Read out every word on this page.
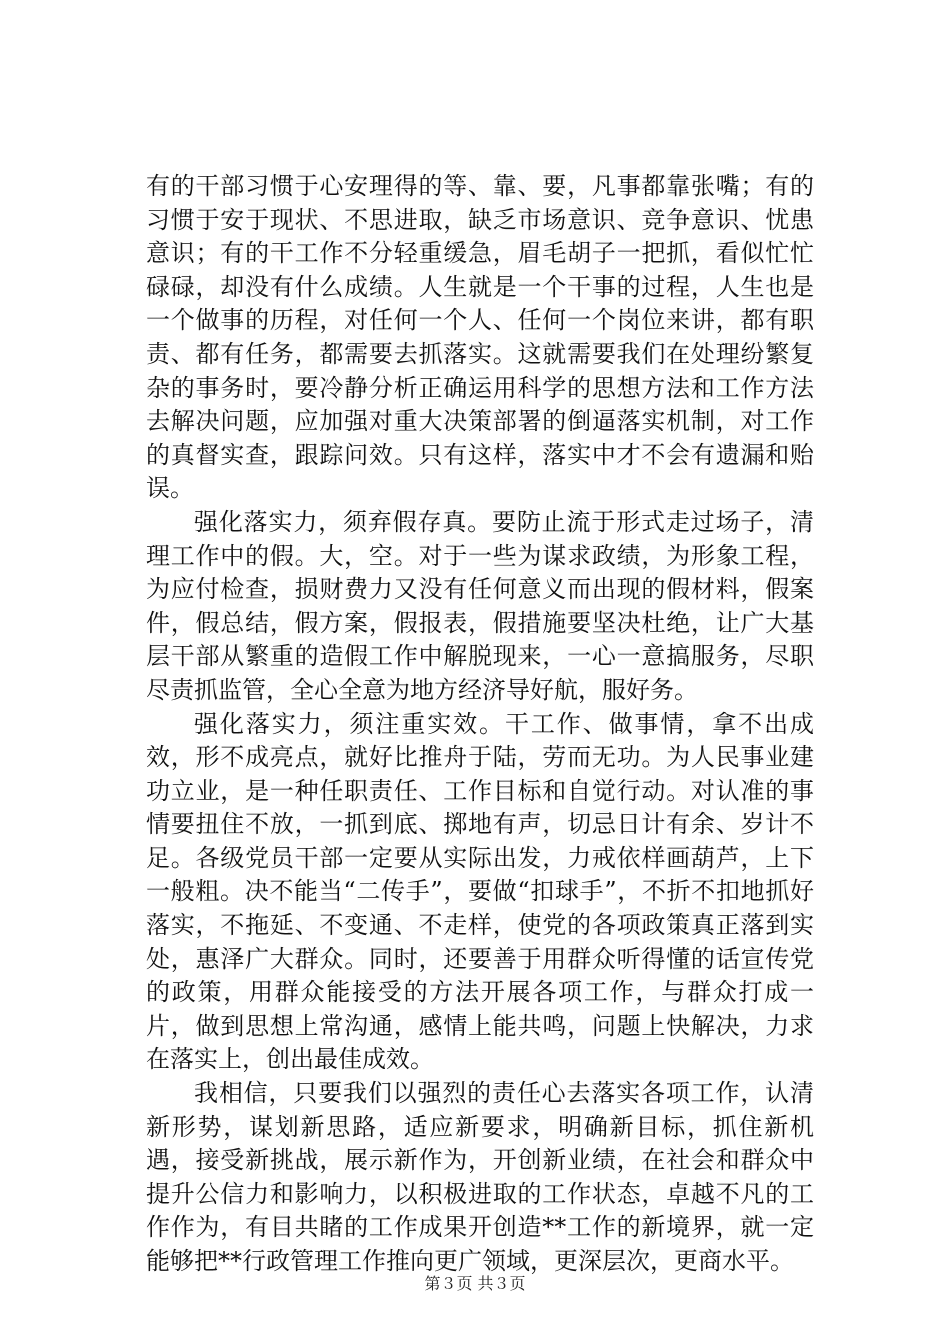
有的干部习惯于心安理得的等、靠、要，凡事都靠张嘴；有的习惯于安于现状、不思进取，缺乏市场意识、竞争意识、忧患意识；有的干工作不分轻重缓急，眉毛胡子一把抓，看似忙忙碌碌，却没有什么成绩。人生就是一个干事的过程，人生也是一个做事的历程，对任何一个人、任何一个岗位来讲，都有职责、都有任务，都需要去抓落实。这就需要我们在处理纷繁复杂的事务时，要冷静分析正确运用科学的思想方法和工作方法去解决问题，应加强对重大决策部署的倒逼落实机制，对工作的真督实查，跟踪问效。只有这样，落实中才不会有遗漏和贻误。

强化落实力，须弃假存真。要防止流于形式走过场子，清理工作中的假。大，空。对于一些为谋求政绩，为形象工程，为应付检查，损财费力又没有任何意义而出现的假材料，假案件，假总结，假方案，假报表，假措施要坚决杜绝，让广大基层干部从繁重的造假工作中解脱现来，一心一意搞服务，尽职尽责抓监管，全心全意为地方经济导好航，服好务。

强化落实力，须注重实效。干工作、做事情，拿不出成效，形不成亮点，就好比推舟于陆，劳而无功。为人民事业建功立业，是一种任职责任、工作目标和自觉行动。对认准的事情要扭住不放，一抓到底、掷地有声，切忌日计有余、岁计不足。各级党员干部一定要从实际出发，力戒依样画葫芦，上下一般粗。决不能当“二传手”，要做“扣球手”，不折不扣地抓好落实，不拖延、不变通、不走样，使党的各项政策真正落到实处，惠泽广大群众。同时，还要善于用群众听得懂的话宣传党的政策，用群众能接受的方法开展各项工作，与群众打成一片，做到思想上常沟通，感情上能共鸣，问题上快解决，力求在落实上，创出最佳成效。

我相信，只要我们以强烈的责任心去落实各项工作，认清新形势，谋划新思路，适应新要求，明确新目标，抓住新机遇，接受新挑战，展示新作为，开创新业绩，在社会和群众中提升公信力和影响力，以积极进取的工作状态，卓越不凡的工作作为，有目共睹的工作成果开创造**工作的新境界，就一定能够把**行政管理工作推向更广领域，更深层次，更商水平。

第３页 共３页
